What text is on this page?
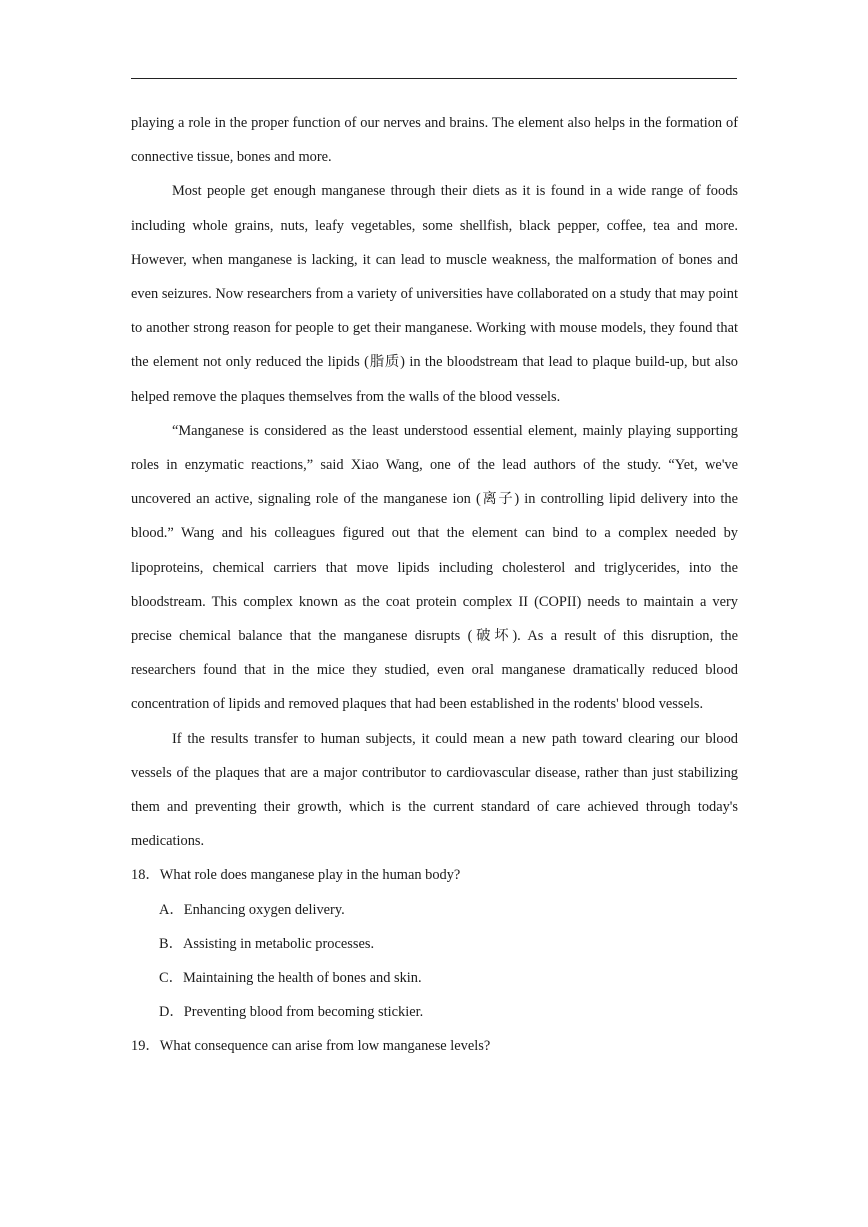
playing a role in the proper function of our nerves and brains. The element also helps in the formation of connective tissue, bones and more.

Most people get enough manganese through their diets as it is found in a wide range of foods including whole grains, nuts, leafy vegetables, some shellfish, black pepper, coffee, tea and more. However, when manganese is lacking, it can lead to muscle weakness, the malformation of bones and even seizures. Now researchers from a variety of universities have collaborated on a study that may point to another strong reason for people to get their manganese. Working with mouse models, they found that the element not only reduced the lipids (脂质) in the bloodstream that lead to plaque build-up, but also helped remove the plaques themselves from the walls of the blood vessels.

“Manganese is considered as the least understood essential element, mainly playing supporting roles in enzymatic reactions,” said Xiao Wang, one of the lead authors of the study. “Yet, we've uncovered an active, signaling role of the manganese ion (离子) in controlling lipid delivery into the blood.” Wang and his colleagues figured out that the element can bind to a complex needed by lipoproteins, chemical carriers that move lipids including cholesterol and triglycerides, into the bloodstream. This complex known as the coat protein complex II (COPII) needs to maintain a very precise chemical balance that the manganese disrupts (破坏). As a result of this disruption, the researchers found that in the mice they studied, even oral manganese dramatically reduced blood concentration of lipids and removed plaques that had been established in the rodents' blood vessels.

If the results transfer to human subjects, it could mean a new path toward clearing our blood vessels of the plaques that are a major contributor to cardiovascular disease, rather than just stabilizing them and preventing their growth, which is the current standard of care achieved through today's medications.

18．What role does manganese play in the human body?
A．Enhancing oxygen delivery.
B．Assisting in metabolic processes.
C．Maintaining the health of bones and skin.
D．Preventing blood from becoming stickier.
19．What consequence can arise from low manganese levels?
